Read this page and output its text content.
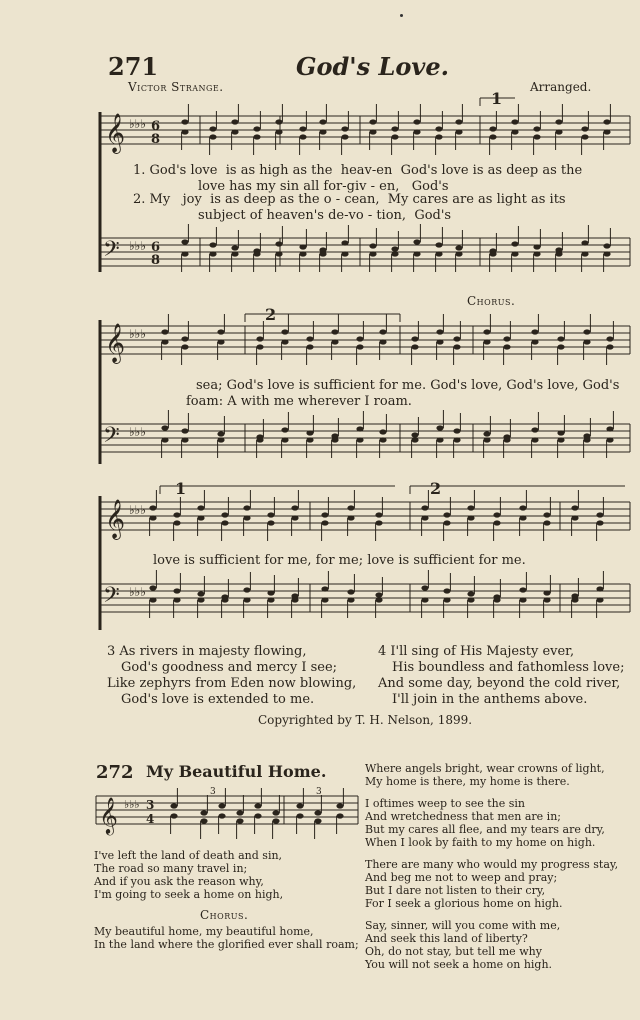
271	God's Love.
Victor Strange.	Arranged.
𝄞
𝄢
♭♭♭
♭♭♭
6
8
6
8
1
1. God's love is as high as the heav-en God's love is as deep as the
love has my sin all for-giv - en, God's
2. My joy is as deep as the o - cean, My cares are as light as its
subject of heaven's de-vo - tion, God's
Chorus.
𝄞
𝄢
♭♭♭
♭♭♭
2
sea; God's love is sufficient for me. God's love, God's love, God's
foam: A with me wherever I roam.
𝄞
𝄢
♭♭♭
♭♭♭
1	2
love is sufficient for me, for me; love is sufficient for me.
3 As rivers in majesty flowing,
God's goodness and mercy I see;
Like zephyrs from Eden now blowing,
God's love is extended to me.
4 I'll sing of His Majesty ever,
His boundless and fathomless love;
And some day, beyond the cold river,
I'll join in the anthems above.
Copyrighted by T. H. Nelson, 1899.
272 My Beautiful Home.
𝄞 ♭♭♭ 3
4
3	3
I've left the land of death and sin,
The road so many travel in;
And if you ask the reason why,
I'm going to seek a home on high,
Chorus.
My beautiful home, my beautiful home,
In the land where the glorified ever shall roam;
Where angels bright, wear crowns of light,
My home is there, my home is there.
I oftimes weep to see the sin
And wretchedness that men are in;
But my cares all flee, and my tears are dry,
When I look by faith to my home on high.
There are many who would my progress stay,
And beg me not to weep and pray;
But I dare not listen to their cry,
For I seek a glorious home on high.
Say, sinner, will you come with me,
And seek this land of liberty?
Oh, do not stay, but tell me why
You will not seek a home on high.
